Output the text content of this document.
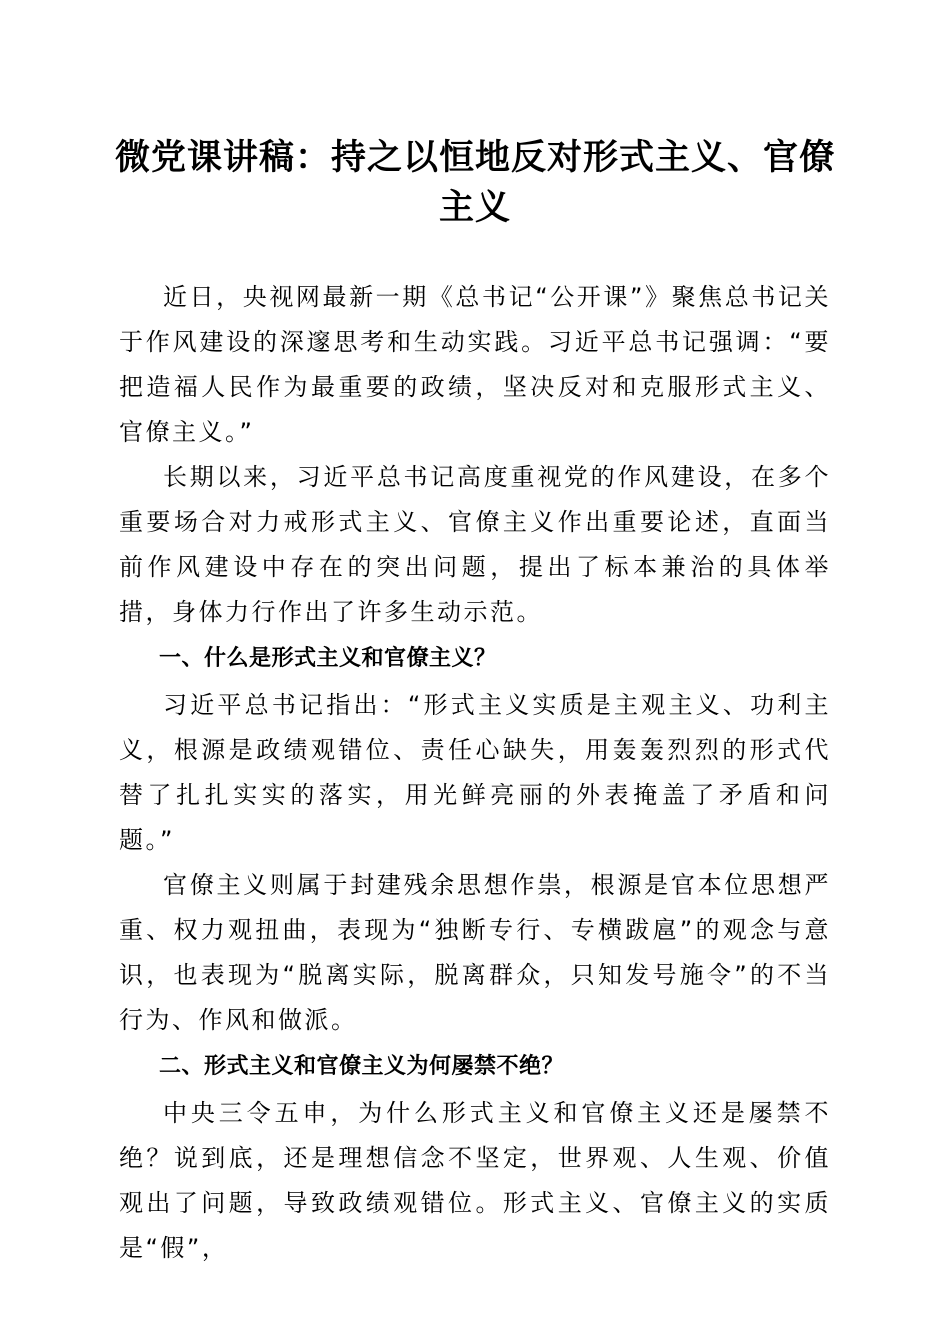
微党课讲稿：持之以恒地反对形式主义、官僚主义

近日，央视网最新一期《总书记“公开课”》聚焦总书记关于作风建设的深邃思考和生动实践。习近平总书记强调：“要把造福人民作为最重要的政绩，坚决反对和克服形式主义、官僚主义。”

长期以来，习近平总书记高度重视党的作风建设，在多个重要场合对力戒形式主义、官僚主义作出重要论述，直面当前作风建设中存在的突出问题，提出了标本兼治的具体举措，身体力行作出了许多生动示范。

一、什么是形式主义和官僚主义？

习近平总书记指出：“形式主义实质是主观主义、功利主义，根源是政绩观错位、责任心缺失，用轰轰烈烈的形式代替了扎扎实实的落实，用光鲜亮丽的外表掩盖了矛盾和问题。”

官僚主义则属于封建残余思想作祟，根源是官本位思想严重、权力观扭曲，表现为“独断专行、专横跋扈”的观念与意识，也表现为“脱离实际，脱离群众，只知发号施令”的不当行为、作风和做派。

二、形式主义和官僚主义为何屡禁不绝？

中央三令五申，为什么形式主义和官僚主义还是屡禁不绝？说到底，还是理想信念不坚定，世界观、人生观、价值观出了问题，导致政绩观错位。形式主义、官僚主义的实质是“假”，
